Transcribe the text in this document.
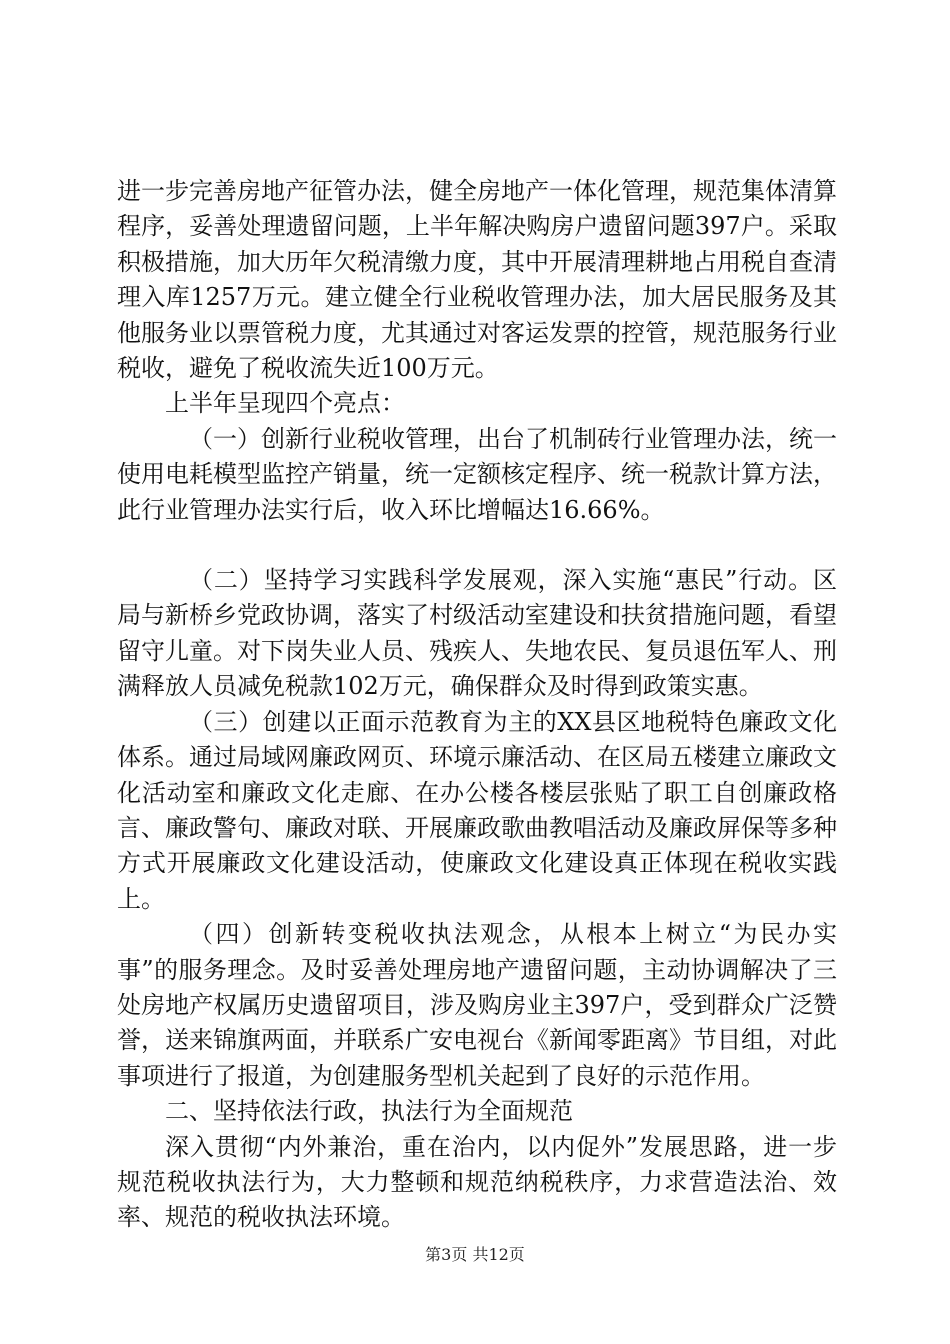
进一步完善房地产征管办法，健全房地产一体化管理，规范集体清算程序，妥善处理遗留问题，上半年解决购房户遗留问题397户。采取积极措施，加大历年欠税清缴力度，其中开展清理耕地占用税自查清理入库1257万元。建立健全行业税收管理办法，加大居民服务及其他服务业以票管税力度，尤其通过对客运发票的控管，规范服务行业税收，避免了税收流失近100万元。

上半年呈现四个亮点：

（一）创新行业税收管理，出台了机制砖行业管理办法，统一使用电耗模型监控产销量，统一定额核定程序、统一税款计算方法，此行业管理办法实行后，收入环比增幅达16.66%。

（二）坚持学习实践科学发展观，深入实施“惠民”行动。区局与新桥乡党政协调，落实了村级活动室建设和扶贫措施问题，看望留守儿童。对下岗失业人员、残疾人、失地农民、复员退伍军人、刑满释放人员减免税款102万元，确保群众及时得到政策实惠。

（三）创建以正面示范教育为主的XX县区地税特色廉政文化体系。通过局域网廉政网页、环境示廉活动、在区局五楼建立廉政文化活动室和廉政文化走廊、在办公楼各楼层张贴了职工自创廉政格言、廉政警句、廉政对联、开展廉政歌曲教唱活动及廉政屏保等多种方式开展廉政文化建设活动，使廉政文化建设真正体现在税收实践上。

（四）创新转变税收执法观念，从根本上树立“为民办实事”的服务理念。及时妥善处理房地产遗留问题，主动协调解决了三处房地产权属历史遗留项目，涉及购房业主397户，受到群众广泛赞誉，送来锦旗两面，并联系广安电视台《新闻零距离》节目组，对此事项进行了报道，为创建服务型机关起到了良好的示范作用。

二、坚持依法行政，执法行为全面规范

深入贯彻“内外兼治，重在治内，以内促外”发展思路，进一步规范税收执法行为，大力整顿和规范纳税秩序，力求营造法治、效率、规范的税收执法环境。

第3页 共12页
